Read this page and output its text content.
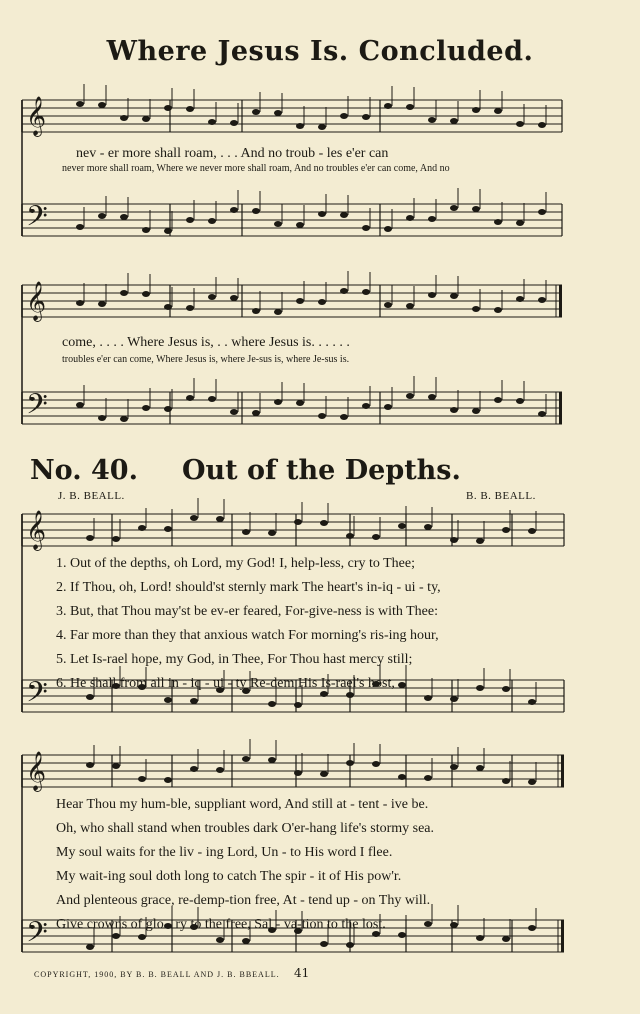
Where Jesus Is. Concluded.
𝄞
𝄢
𝄞
𝄢
𝄞
𝄢
𝄞
𝄢
nev - er more shall roam, . . . And no troub - les e'er can
never more shall roam, Where we never more shall roam, And no troubles e'er can come, And no
come, . . . . Where Jesus is, . . where Jesus is. . . . . .
troubles e'er can come, Where Jesus is, where Je-sus is, where Je-sus is.
No. 40. Out of the Depths.
J. B. BEALL.	B. B. BEALL.
1. Out of the depths, oh Lord, my God! I, help-less, cry to Thee;
2. If Thou, oh, Lord! should'st sternly mark The heart's in-iq - ui - ty,
3. But, that Thou may'st be ev-er feared, For-give-ness is with Thee:
4. Far more than they that anxious watch For morning's ris-ing hour,
5. Let Is-rael hope, my God, in Thee, For Thou hast mercy still;
6. He shall from all in - iq - ui - ty Re-dem His Is-rael's host,
Hear Thou my hum-ble, suppliant word, And still at - tent - ive be.
Oh, who shall stand when troubles dark O'er-hang life's stormy sea.
My soul waits for the liv - ing Lord, Un - to His word I flee.
My wait-ing soul doth long to catch The spir - it of His pow'r.
And plenteous grace, re-demp-tion free, At - tend up - on Thy will.
Give crowns of glo - ry to the free, Sal - va-tion to the lost.
COPYRIGHT, 1900, BY B. B. BEALL AND J. B. BBEALL. 41
